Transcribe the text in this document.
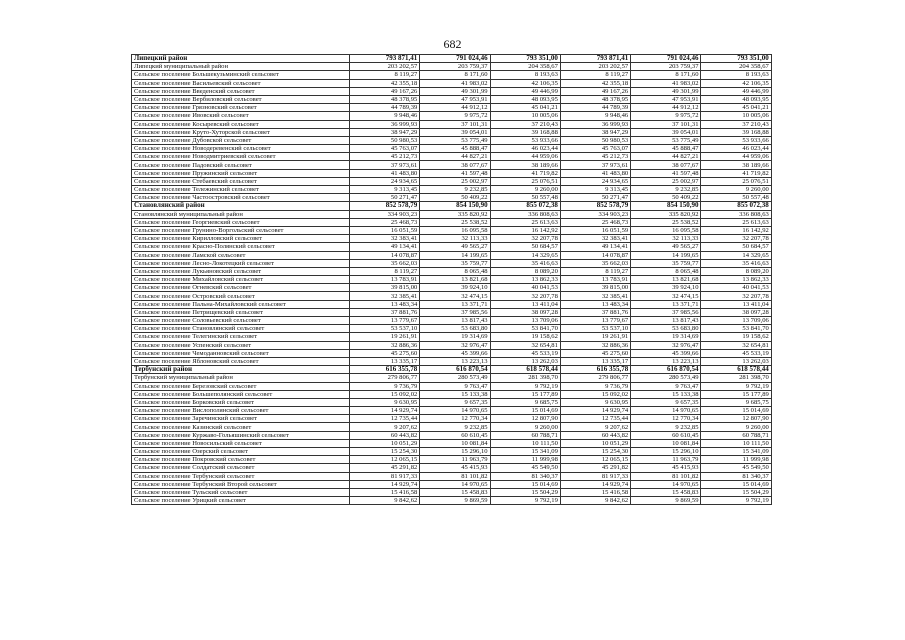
682
Липецкий район	793 871,41	791 024,46	793 351,00	793 871,41	791 024,46	793 351,00
Липецкий муниципальный район	203 202,57	203 759,37	204 358,67	203 202,57	203 759,37	204 358,67
Сельское поселение Большекузьминский сельсовет	8 119,27	8 171,60	8 193,63	8 119,27	8 171,60	8 193,63
Сельское поселение Васильевский сельсовет	42 355,18	41 983,02	42 106,35	42 355,18	41 983,02	42 106,35
Сельское поселение Введенский сельсовет	49 167,26	49 301,99	49 446,99	49 167,26	49 301,99	49 446,99
Сельское поселение Вербиловский сельсовет	48 378,95	47 953,91	48 093,95	48 378,95	47 953,91	48 093,95
Сельское поселение Грязновский сельсовет	44 789,39	44 912,12	45 041,21	44 789,39	44 912,12	45 041,21
Сельское поселение Ивовский сельсовет	9 948,46	9 975,72	10 005,06	9 948,46	9 975,72	10 005,06
Сельское поселение Косыревский сельсовет	36 999,93	37 101,31	37 210,43	36 999,93	37 101,31	37 210,43
Сельское поселение Круто-Хуторской сельсовет	38 947,29	39 054,01	39 168,88	38 947,29	39 054,01	39 168,88
Сельское поселение Дубовской сельсовет	50 980,53	53 775,49	53 933,66	50 980,53	53 775,49	53 933,66
Сельское поселение Новодеревенский сельсовет	45 763,07	45 888,47	46 023,44	45 763,07	45 888,47	46 023,44
Сельское поселение Новодмитриевский сельсовет	45 212,73	44 827,21	44 959,06	45 212,73	44 827,21	44 959,06
Сельское поселение Падовский сельсовет	37 973,61	38 077,67	38 189,66	37 973,61	38 077,67	38 189,66
Сельское поселение Пружинский сельсовет	41 483,80	41 597,48	41 719,82	41 483,80	41 597,48	41 719,82
Сельское поселение Стебаевский сельсовет	24 934,65	25 002,97	25 076,51	24 934,65	25 002,97	25 076,51
Сельское поселение Тележинский сельсовет	9 313,45	9 232,85	9 260,00	9 313,45	9 232,85	9 260,00
Сельское поселение Частоостровский сельсовет	50 271,47	50 409,22	50 557,48	50 271,47	50 409,22	50 557,48
Становлянский район	852 578,79	854 150,90	855 072,38	852 578,79	854 150,90	855 072,38
Становлянский муниципальный район	334 903,23	335 820,92	336 808,63	334 903,23	335 820,92	336 808,63
Сельское поселение Георгиевский сельсовет	25 468,73	25 538,52	25 613,63	25 468,73	25 538,52	25 613,63
Сельское поселение Грунино-Воргольский сельсовет	16 051,59	16 095,58	16 142,92	16 051,59	16 095,58	16 142,92
Сельское поселение Кирилловский сельсовет	32 383,41	32 113,33	32 207,78	32 383,41	32 113,33	32 207,78
Сельское поселение Красно-Полянский сельсовет	49 134,41	49 565,27	50 684,57	49 134,41	49 565,27	50 684,57
Сельское поселение Ламской сельсовет	14 078,87	14 199,65	14 329,65	14 078,87	14 199,65	14 329,65
Сельское поселение Лесно-Локотецкий сельсовет	35 662,03	35 759,77	35 416,63	35 662,03	35 759,77	35 416,63
Сельское поселение Лукьяновский сельсовет	8 119,27	8 065,48	8 089,20	8 119,27	8 065,48	8 089,20
Сельское поселение Михайловский сельсовет	13 783,91	13 821,68	13 862,33	13 783,91	13 821,68	13 862,33
Сельское поселение Огневский сельсовет	39 815,00	39 924,10	40 041,53	39 815,00	39 924,10	40 041,53
Сельское поселение Островский сельсовет	32 385,41	32 474,15	32 207,78	32 385,41	32 474,15	32 207,78
Сельское поселение Пальна-Михайловский сельсовет	13 483,34	13 371,71	13 411,04	13 483,34	13 371,71	13 411,04
Сельское поселение Петрищевский сельсовет	37 881,76	37 985,56	38 097,28	37 881,76	37 985,56	38 097,28
Сельское поселение Соловьевский сельсовет	13 779,67	13 817,43	13 709,06	13 779,67	13 817,43	13 709,06
Сельское поселение Становлянский сельсовет	53 537,10	53 683,80	53 841,70	53 537,10	53 683,80	53 841,70
Сельское поселение Телегинский сельсовет	19 261,91	19 314,69	19 158,62	19 261,91	19 314,69	19 158,62
Сельское поселение Успенский сельсовет	32 886,36	32 976,47	32 654,81	32 886,36	32 976,47	32 654,81
Сельское поселение Чемоданновский сельсовет	45 275,60	45 399,66	45 533,19	45 275,60	45 399,66	45 533,19
Сельское поселение Яблоновский сельсовет	13 335,17	13 223,13	13 262,03	13 335,17	13 223,13	13 262,03
Тербунский район	616 355,78	616 870,54	618 578,44	616 355,78	616 870,54	618 578,44
Тербунский муниципальный район	279 806,77	280 573,49	281 398,70	279 806,77	280 573,49	281 398,70
Сельское поселение Березовский сельсовет	9 736,79	9 763,47	9 792,19	9 736,79	9 763,47	9 792,19
Сельское поселение Большеполянский сельсовет	15 092,02	15 133,38	15 177,89	15 092,02	15 133,38	15 177,89
Сельское поселение Борковский сельсовет	9 630,95	9 657,35	9 685,75	9 630,95	9 657,35	9 685,75
Сельское поселение Вислополянский сельсовет	14 929,74	14 970,65	15 014,69	14 929,74	14 970,65	15 014,69
Сельское поселение Заречинский сельсовет	12 735,44	12 770,34	12 807,90	12 735,44	12 770,34	12 807,90
Сельское поселение Казинский сельсовет	9 207,62	9 232,85	9 260,00	9 207,62	9 232,85	9 260,00
Сельское поселение Куржаво-Гольяшинский сельсовет	60 443,82	60 610,45	60 788,71	60 443,82	60 610,45	60 788,71
Сельское поселение Новосильский сельсовет	10 051,29	10 081,84	10 111,50	10 051,29	10 081,84	10 111,50
Сельское поселение Озерский сельсовет	15 254,30	15 296,10	15 341,09	15 254,30	15 296,10	15 341,09
Сельское поселение Покровский сельсовет	12 065,15	11 963,79	11 999,98	12 065,15	11 963,79	11 999,98
Сельское поселение Солдатский сельсовет	45 291,82	45 415,93	45 549,50	45 291,82	45 415,93	45 549,50
Сельское поселение Тербунский сельсовет	81 917,33	81 101,82	81 340,37	81 917,33	81 101,82	81 340,37
Сельское поселение Тербунский Второй сельсовет	14 929,74	14 970,65	15 014,69	14 929,74	14 970,65	15 014,69
Сельское поселение Тульский сельсовет	15 416,58	15 458,83	15 504,29	15 416,58	15 458,83	15 504,29
Сельское поселение Урицкий сельсовет	9 842,62	9 869,59	9 792,19	9 842,62	9 869,59	9 792,19
